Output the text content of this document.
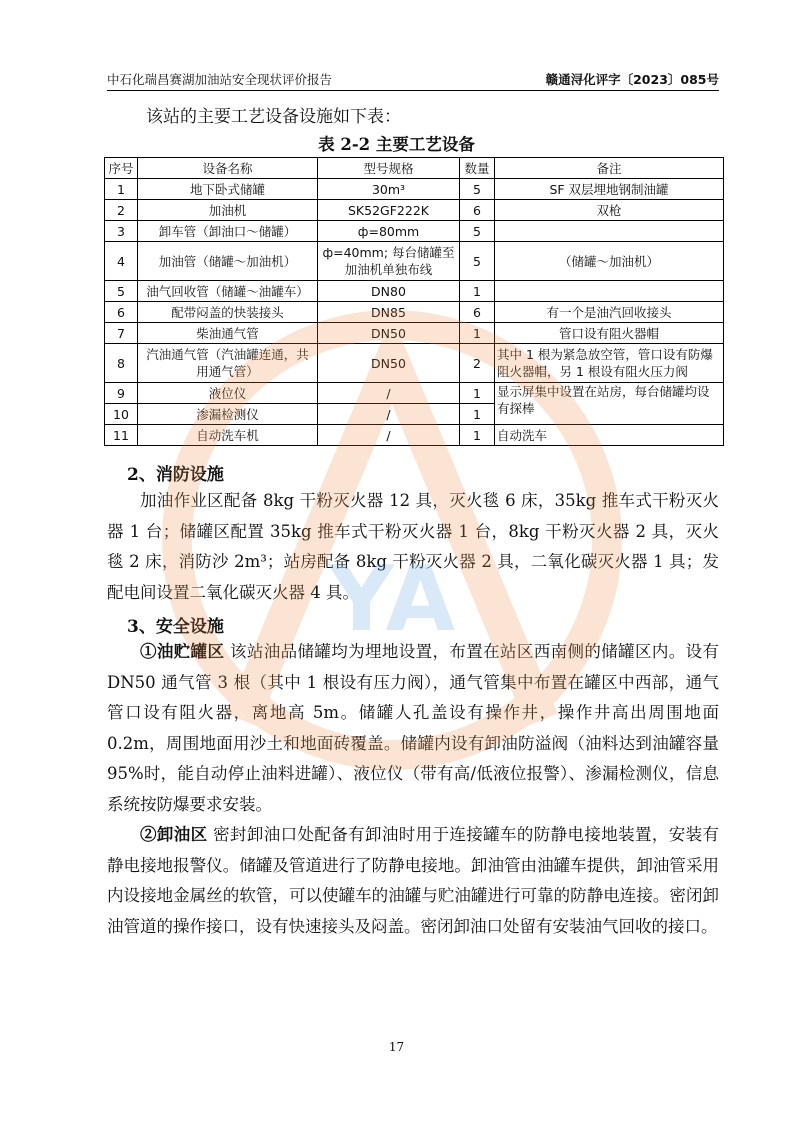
中石化瑞昌赛湖加油站安全现状评价报告	赣通浔化评字〔2023〕085号
该站的主要工艺设备设施如下表：
表 2-2 主要工艺设备
序号	设备名称	型号规格	数量	备注
1	地下卧式储罐	30m³	5	SF 双层埋地钢制油罐
2	加油机	SK52GF222K	6	双枪
3	卸车管（卸油口～储罐）	ф=80mm	5	
4	加油管（储罐～加油机）	ф=40mm; 每台储罐至加油机单独布线	5	（储罐～加油机）
5	油气回收管（储罐～油罐车）	DN80	1	
6	配带闷盖的快装接头	DN85	6	有一个是油汽回收接头
7	柴油通气管	DN50	1	管口设有阻火器帽
8	汽油通气管（汽油罐连通，共用通气管）	DN50	2	其中 1 根为紧急放空管，管口设有防爆阻火器帽，另 1 根设有阻火压力阀
9	液位仪	/	1	显示屏集中设置在站房，每台储罐均设有探棒
10	渗漏检测仪	/	1	
11	自动洗车机	/	1	自动洗车
2、消防设施

加油作业区配备 8kg 干粉灭火器 12 具，灭火毯 6 床，35kg 推车式干粉灭火器 1 台；储罐区配置 35kg 推车式干粉灭火器 1 台，8kg 干粉灭火器 2 具，灭火毯 2 床，消防沙 2m³；站房配备 8kg 干粉灭火器 2 具，二氧化碳灭火器 1 具；发配电间设置二氧化碳灭火器 4 具。

3、安全设施

①油贮罐区 该站油品储罐均为埋地设置，布置在站区西南侧的储罐区内。设有 DN50 通气管 3 根（其中 1 根设有压力阀），通气管集中布置在罐区中西部，通气管口设有阻火器，离地高 5m。储罐人孔盖设有操作井，操作井高出周围地面 0.2m，周围地面用沙土和地面砖覆盖。储罐内设有卸油防溢阀（油料达到油罐容量 95%时，能自动停止油料进罐）、液位仪（带有高/低液位报警）、渗漏检测仪，信息系统按防爆要求安装。

②卸油区 密封卸油口处配备有卸油时用于连接罐车的防静电接地装置，安装有静电接地报警仪。储罐及管道进行了防静电接地。卸油管由油罐车提供，卸油管采用内设接地金属丝的软管，可以使罐车的油罐与贮油罐进行可靠的防静电连接。密闭卸油管道的操作接口，设有快速接头及闷盖。密闭卸油口处留有安装油气回收的接口。

YA
17
